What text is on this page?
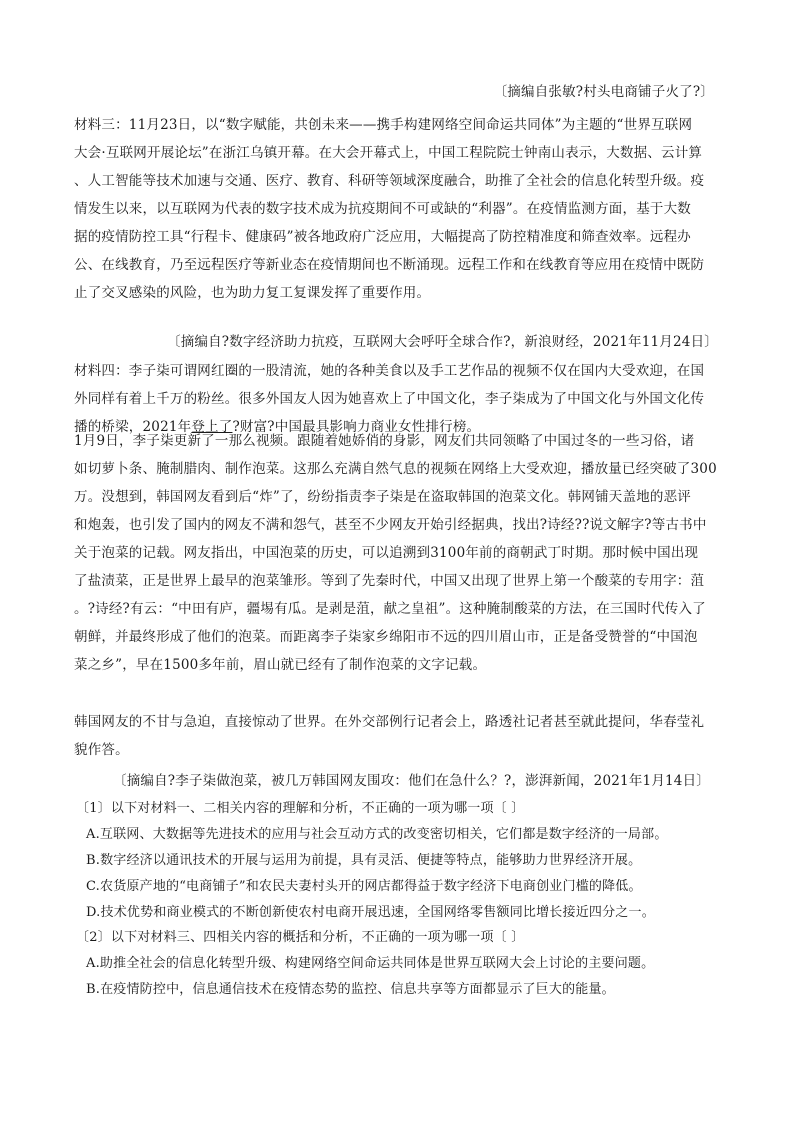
〔摘编自张敏?村头电商铺子火了?〕

材料三：11月23日，以“数字赋能，共创未来——携手构建网络空间命运共同体”为主题的“世界互联网
大会·互联网开展论坛”在浙江乌镇开幕。在大会开幕式上，中国工程院院士钟南山表示，大数据、云计算
、人工智能等技术加速与交通、医疗、教育、科研等领域深度融合，助推了全社会的信息化转型升级。疫
情发生以来，以互联网为代表的数字技术成为抗疫期间不可或缺的“利器”。在疫情监测方面，基于大数
据的疫情防控工具“行程卡、健康码”被各地政府广泛应用，大幅提高了防控精准度和筛查效率。远程办
公、在线教育，乃至远程医疗等新业态在疫情期间也不断涌现。远程工作和在线教育等应用在疫情中既防
止了交叉感染的风险，也为助力复工复课发挥了重要作用。

〔摘编自?数字经济助力抗疫，互联网大会呼吁全球合作?，新浪财经，2021年11月24日〕

材料四：李子柒可谓网红圈的一股清流，她的各种美食以及手工艺作品的视频不仅在国内大受欢迎，在国
外同样有着上千万的粉丝。很多外国友人因为她喜欢上了中国文化，李子柒成为了中国文化与外国文化传
播的桥梁，2021年登上了?财富?中国最具影响力商业女性排行榜。
1月9日，李子柒更新了一那么视频。跟随着她娇俏的身影，网友们共同领略了中国过冬的一些习俗，诸
如切萝卜条、腌制腊肉、制作泡菜。这那么充满自然气息的视频在网络上大受欢迎，播放量已经突破了300
万。没想到，韩国网友看到后“炸”了，纷纷指责李子柒是在盗取韩国的泡菜文化。韩网铺天盖地的恶评
和炮轰，也引发了国内的网友不满和怨气，甚至不少网友开始引经据典，找出?诗经??说文解字?等古书中
关于泡菜的记载。网友指出，中国泡菜的历史，可以追溯到3100年前的商朝武丁时期。那时候中国出现
了盐渍菜，正是世界上最早的泡菜雏形。等到了先秦时代，中国又出现了世界上第一个酸菜的专用字：菹
。?诗经?有云：“中田有庐，疆埸有瓜。是剥是菹，献之皇祖”。这种腌制酸菜的方法，在三国时代传入了
朝鲜，并最终形成了他们的泡菜。而距离李子柒家乡绵阳市不远的四川眉山市，正是备受赞誉的“中国泡
菜之乡”，早在1500多年前，眉山就已经有了制作泡菜的文字记载。
韩国网友的不甘与急迫，直接惊动了世界。在外交部例行记者会上，路透社记者甚至就此提问，华春莹礼
貌作答。

〔摘编自?李子柒做泡菜，被几万韩国网友围攻：他们在急什么？?，澎湃新闻，2021年1月14日〕

〔1〕以下对材料一、二相关内容的理解和分析，不正确的一项为哪一项〔 〕
A.互联网、大数据等先进技术的应用与社会互动方式的改变密切相关，它们都是数字经济的一局部。
B.数字经济以通讯技术的开展与运用为前提，具有灵活、便捷等特点，能够助力世界经济开展。
C.农货原产地的“电商铺子”和农民夫妻村头开的网店都得益于数字经济下电商创业门槛的降低。
D.技术优势和商业模式的不断创新使农村电商开展迅速，全国网络零售额同比增长接近四分之一。
〔2〕以下对材料三、四相关内容的概括和分析，不正确的一项为哪一项〔 〕
A.助推全社会的信息化转型升级、构建网络空间命运共同体是世界互联网大会上讨论的主要问题。
B.在疫情防控中，信息通信技术在疫情态势的监控、信息共享等方面都显示了巨大的能量。
